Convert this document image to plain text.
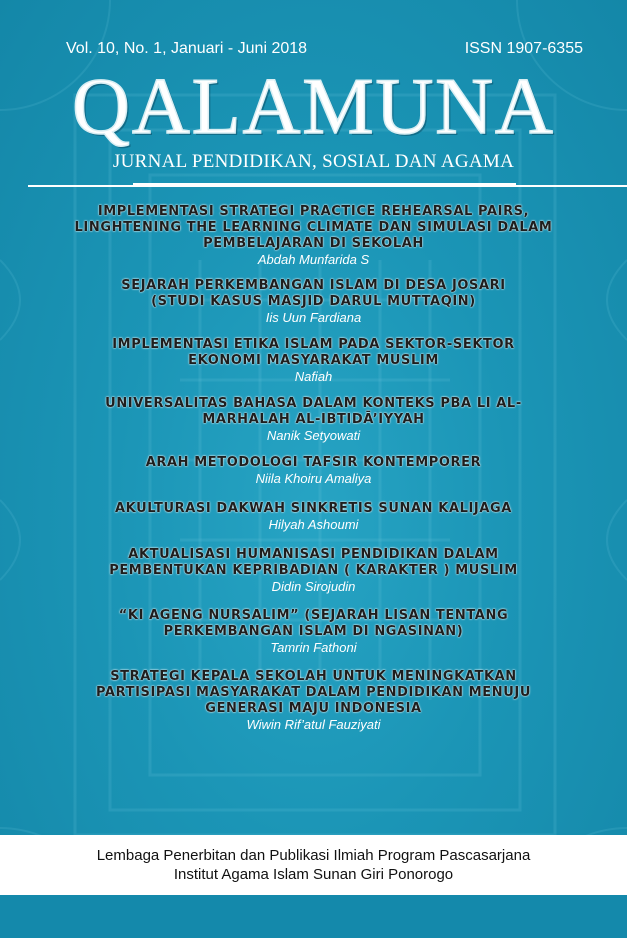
Vol. 10, No. 1, Januari - Juni 2018	ISSN 1907-6355
QALAMUNA
JURNAL PENDIDIKAN, SOSIAL DAN AGAMA
IMPLEMENTASI STRATEGI PRACTICE REHEARSAL PAIRS, LINGHTENING THE LEARNING CLIMATE DAN SIMULASI DALAM PEMBELAJARAN DI SEKOLAH
Abdah Munfarida S
SEJARAH PERKEMBANGAN ISLAM DI DESA JOSARI (STUDI KASUS MASJID DARUL MUTTAQIN)
Iis Uun Fardiana
IMPLEMENTASI ETIKA ISLAM PADA SEKTOR-SEKTOR EKONOMI MASYARAKAT MUSLIM
Nafiah
UNIVERSALITAS BAHASA DALAM KONTEKS PBA LI AL-MARHALAH AL-IBTIDĀ’IYYAH
Nanik Setyowati
ARAH METODOLOGI TAFSIR KONTEMPORER
Niila Khoiru Amaliya
AKULTURASI DAKWAH SINKRETIS SUNAN KALIJAGA
Hilyah Ashoumi
AKTUALISASI HUMANISASI PENDIDIKAN DALAM PEMBENTUKAN KEPRIBADIAN ( KARAKTER ) MUSLIM
Didin Sirojudin
“KI AGENG NURSALIM” (SEJARAH LISAN TENTANG PERKEMBANGAN ISLAM DI NGASINAN)
Tamrin Fathoni
STRATEGI KEPALA SEKOLAH UNTUK MENINGKATKAN PARTISIPASI MASYARAKAT DALAM PENDIDIKAN MENUJU GENERASI MAJU INDONESIA
Wiwin Rif’atul Fauziyati
Lembaga Penerbitan dan Publikasi Ilmiah Program Pascasarjana
Institut Agama Islam Sunan Giri Ponorogo
